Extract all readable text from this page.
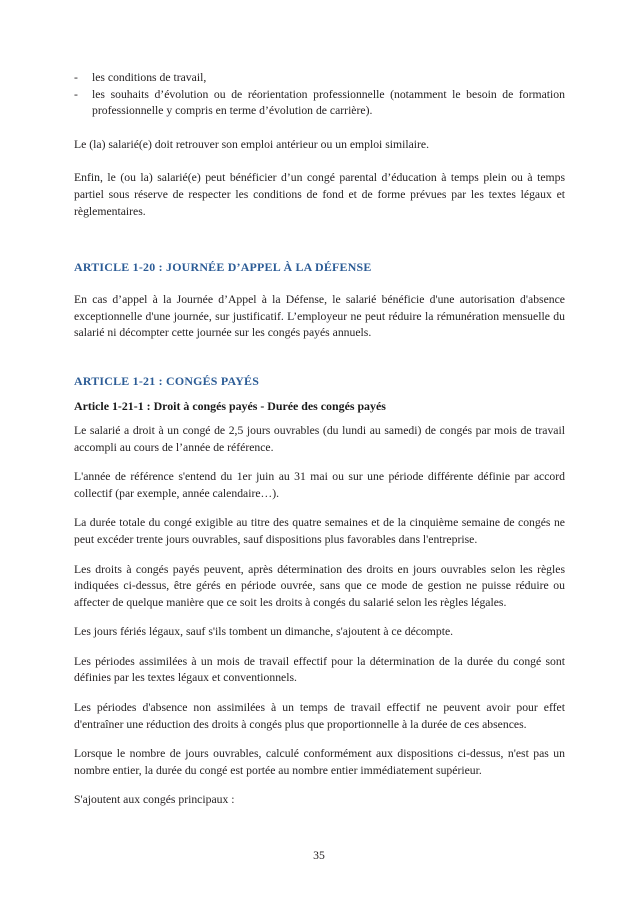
- les conditions de travail,
- les souhaits d’évolution ou de réorientation professionnelle (notamment le besoin de formation professionnelle y compris en terme d’évolution de carrière).

Le (la) salarié(e) doit retrouver son emploi antérieur ou un emploi similaire.

Enfin, le (ou la) salarié(e) peut bénéficier d’un congé parental d’éducation à temps plein ou à temps partiel sous réserve de respecter les conditions de fond et de forme prévues par les textes légaux et règlementaires.

ARTICLE 1-20 : JOURNÉE D’APPEL À LA DÉFENSE

En cas d’appel à la Journée d’Appel à la Défense, le salarié bénéficie d'une autorisation d'absence exceptionnelle d'une journée, sur justificatif. L’employeur ne peut réduire la rémunération mensuelle du salarié ni décompter cette journée sur les congés payés annuels.

ARTICLE 1-21 : CONGÉS PAYÉS
Article 1-21-1 : Droit à congés payés - Durée des congés payés

Le salarié a droit à un congé de 2,5 jours ouvrables (du lundi au samedi) de congés par mois de travail accompli au cours de l’année de référence.

L'année de référence s'entend du 1er juin au 31 mai ou sur une période différente définie par accord collectif (par exemple, année calendaire…).

La durée totale du congé exigible au titre des quatre semaines et de la cinquième semaine de congés ne peut excéder trente jours ouvrables, sauf dispositions plus favorables dans l'entreprise.

Les droits à congés payés peuvent, après détermination des droits en jours ouvrables selon les règles indiquées ci-dessus, être gérés en période ouvrée, sans que ce mode de gestion ne puisse réduire ou affecter de quelque manière que ce soit les droits à congés du salarié selon les règles légales.

Les jours fériés légaux, sauf s'ils tombent un dimanche, s'ajoutent à ce décompte.

Les périodes assimilées à un mois de travail effectif pour la détermination de la durée du congé sont définies par les textes légaux et conventionnels.

Les périodes d'absence non assimilées à un temps de travail effectif ne peuvent avoir pour effet d'entraîner une réduction des droits à congés plus que proportionnelle à la durée de ces absences.

Lorsque le nombre de jours ouvrables, calculé conformément aux dispositions ci-dessus, n'est pas un nombre entier, la durée du congé est portée au nombre entier immédiatement supérieur.

S'ajoutent aux congés principaux :

35
